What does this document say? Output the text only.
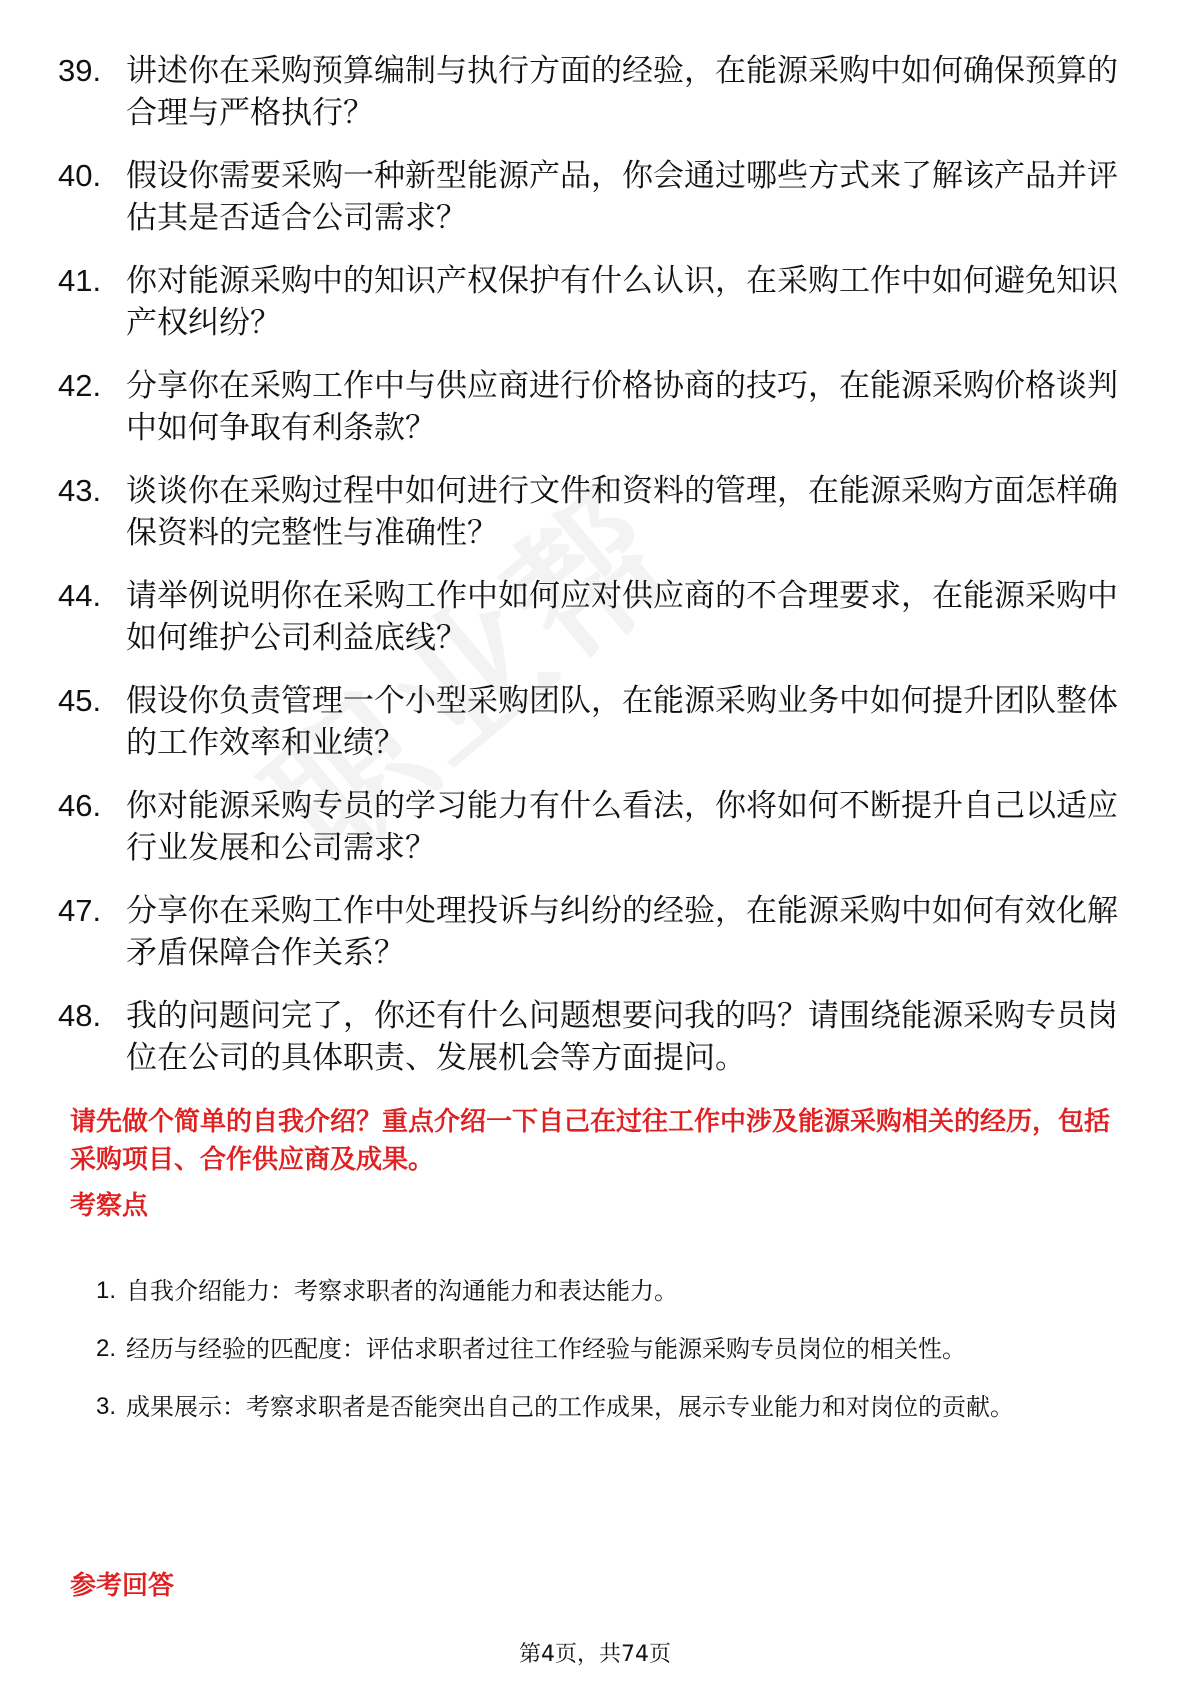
39. 讲述你在采购预算编制与执行方面的经验，在能源采购中如何确保预算的合理与严格执行？
40. 假设你需要采购一种新型能源产品，你会通过哪些方式来了解该产品并评估其是否适合公司需求？
41. 你对能源采购中的知识产权保护有什么认识，在采购工作中如何避免知识产权纠纷？
42. 分享你在采购工作中与供应商进行价格协商的技巧，在能源采购价格谈判中如何争取有利条款？
43. 谈谈你在采购过程中如何进行文件和资料的管理，在能源采购方面怎样确保资料的完整性与准确性？
44. 请举例说明你在采购工作中如何应对供应商的不合理要求，在能源采购中如何维护公司利益底线？
45. 假设你负责管理一个小型采购团队，在能源采购业务中如何提升团队整体的工作效率和业绩？
46. 你对能源采购专员的学习能力有什么看法，你将如何不断提升自己以适应行业发展和公司需求？
47. 分享你在采购工作中处理投诉与纠纷的经验，在能源采购中如何有效化解矛盾保障合作关系？
48. 我的问题问完了，你还有什么问题想要问我的吗？请围绕能源采购专员岗位在公司的具体职责、发展机会等方面提问。
请先做个简单的自我介绍？重点介绍一下自己在过往工作中涉及能源采购相关的经历，包括采购项目、合作供应商及成果。
考察点
1. 自我介绍能力：考察求职者的沟通能力和表达能力。
2. 经历与经验的匹配度：评估求职者过往工作经验与能源采购专员岗位的相关性。
3. 成果展示：考察求职者是否能突出自己的工作成果，展示专业能力和对岗位的贡献。
参考回答
第4页，共74页
